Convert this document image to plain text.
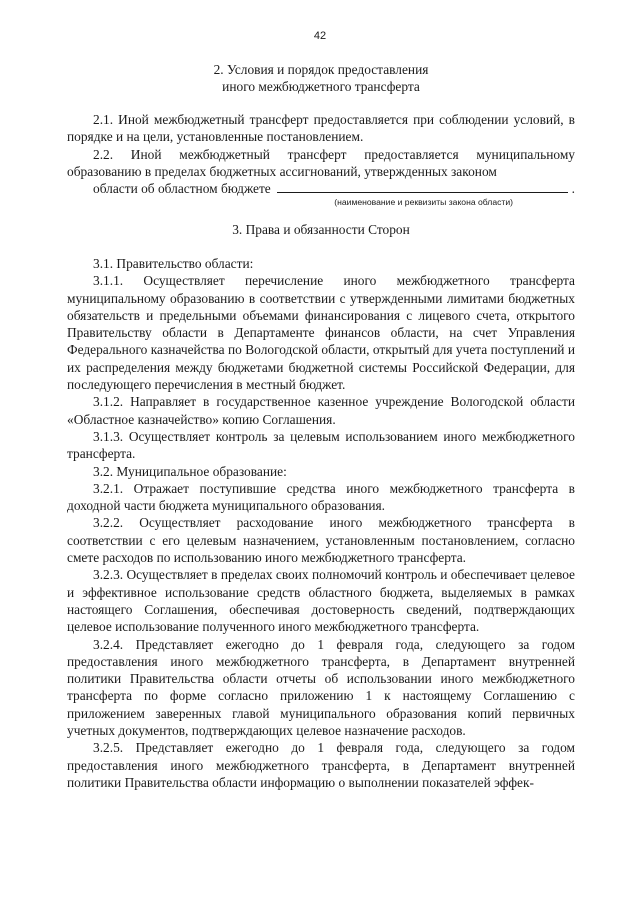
42
2. Условия и порядок предоставления
иного межбюджетного трансферта

2.1. Иной межбюджетный трансферт предоставляется при соблюдении условий, в порядке и на цели, установленные постановлением.

2.2. Иной межбюджетный трансферт предоставляется муниципальному образованию в пределах бюджетных ассигнований, утвержденных законом

области об областном бюджете	.
(наименование и реквизиты закона области)
3. Права и обязанности Сторон

3.1. Правительство области:

3.1.1. Осуществляет перечисление иного межбюджетного трансферта муниципальному образованию в соответствии с утвержденными лимитами бюджетных обязательств и предельными объемами финансирования с лицевого счета, открытого Правительству области в Департаменте финансов области, на счет Управления Федерального казначейства по Вологодской области, открытый для учета поступлений и их распределения между бюджетами бюджетной системы Российской Федерации, для последующего перечисления в местный бюджет.

3.1.2. Направляет в государственное казенное учреждение Вологодской области «Областное казначейство» копию Соглашения.

3.1.3. Осуществляет контроль за целевым использованием иного межбюджетного трансферта.

3.2. Муниципальное образование:

3.2.1. Отражает поступившие средства иного межбюджетного трансферта в доходной части бюджета муниципального образования.

3.2.2. Осуществляет расходование иного межбюджетного трансферта в соответствии с его целевым назначением, установленным постановлением, согласно смете расходов по использованию иного межбюджетного трансферта.

3.2.3. Осуществляет в пределах своих полномочий контроль и обеспечивает целевое и эффективное использование средств областного бюджета, выделяемых в рамках настоящего Соглашения, обеспечивая достоверность сведений, подтверждающих целевое использование полученного иного межбюджетного трансферта.

3.2.4. Представляет ежегодно до 1 февраля года, следующего за годом предоставления иного межбюджетного трансферта, в Департамент внутренней политики Правительства области отчеты об использовании иного межбюджетного трансферта по форме согласно приложению 1 к настоящему Соглашению с приложением заверенных главой муниципального образования копий первичных учетных документов, подтверждающих целевое назначение расходов.

3.2.5. Представляет ежегодно до 1 февраля года, следующего за годом предоставления иного межбюджетного трансферта, в Департамент внутренней политики Правительства области информацию о выполнении показателей эффек-
